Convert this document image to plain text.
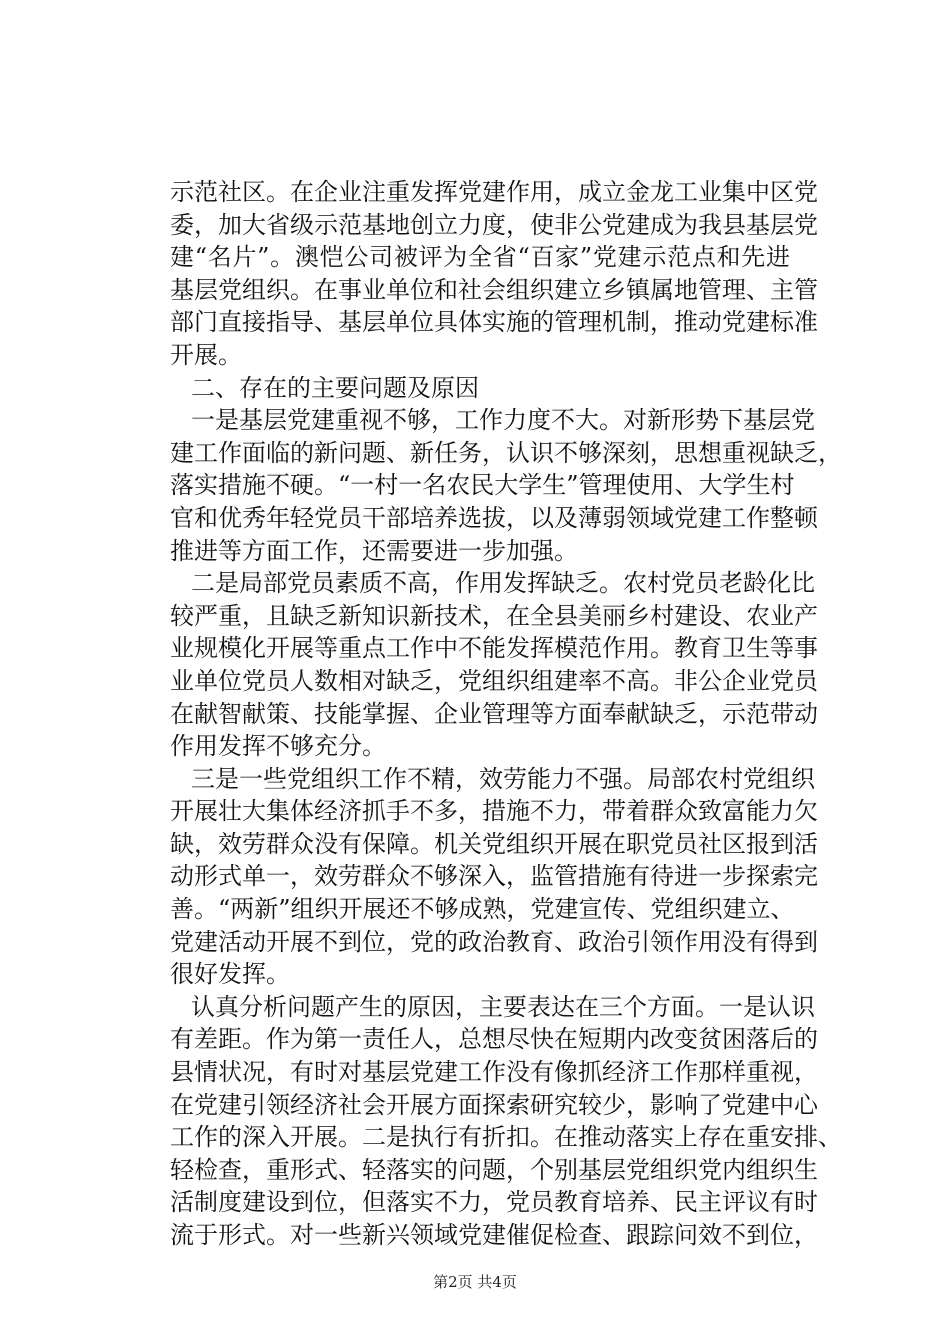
示范社区。在企业注重发挥党建作用，成立金龙工业集中区党
委，加大省级示范基地创立力度，使非公党建成为我县基层党
建“名片”。澳恺公司被评为全省“百家”党建示范点和先进
基层党组织。在事业单位和社会组织建立乡镇属地管理、主管
部门直接指导、基层单位具体实施的管理机制，推动党建标准
开展。
二、存在的主要问题及原因
一是基层党建重视不够，工作力度不大。对新形势下基层党
建工作面临的新问题、新任务，认识不够深刻，思想重视缺乏，
落实措施不硬。“一村一名农民大学生”管理使用、大学生村
官和优秀年轻党员干部培养选拔，以及薄弱领域党建工作整顿
推进等方面工作，还需要进一步加强。
二是局部党员素质不高，作用发挥缺乏。农村党员老龄化比
较严重，且缺乏新知识新技术，在全县美丽乡村建设、农业产
业规模化开展等重点工作中不能发挥模范作用。教育卫生等事
业单位党员人数相对缺乏，党组织组建率不高。非公企业党员
在献智献策、技能掌握、企业管理等方面奉献缺乏，示范带动
作用发挥不够充分。
三是一些党组织工作不精，效劳能力不强。局部农村党组织
开展壮大集体经济抓手不多，措施不力，带着群众致富能力欠
缺，效劳群众没有保障。机关党组织开展在职党员社区报到活
动形式单一，效劳群众不够深入，监管措施有待进一步探索完
善。“两新”组织开展还不够成熟，党建宣传、党组织建立、
党建活动开展不到位，党的政治教育、政治引领作用没有得到
很好发挥。
认真分析问题产生的原因，主要表达在三个方面。一是认识
有差距。作为第一责任人，总想尽快在短期内改变贫困落后的
县情状况，有时对基层党建工作没有像抓经济工作那样重视，
在党建引领经济社会开展方面探索研究较少，影响了党建中心
工作的深入开展。二是执行有折扣。在推动落实上存在重安排、
轻检查，重形式、轻落实的问题，个别基层党组织党内组织生
活制度建设到位，但落实不力，党员教育培养、民主评议有时
流于形式。对一些新兴领域党建催促检查、跟踪问效不到位，
第2页 共4页
